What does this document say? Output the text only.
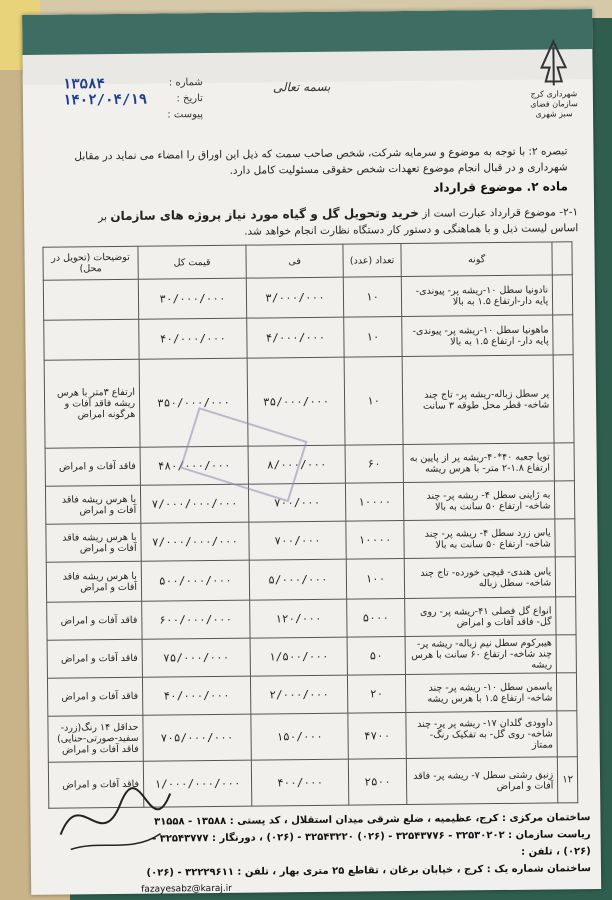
شهرداری کرج
سازمان فضای سبز شهری
بسمه تعالی
شماره :
۱۳۵۸۴
تاریخ :
۱۴۰۲/۰۴/۱۹
پیوست :
تبصره ۲: با توجه به موضوع و سرمایه شرکت، شخص صاحب سمت که ذیل این اوراق را امضاء می نماید در مقابل شهرداری و در قبال انجام موضوع تعهدات شخص حقوقی مسئولیت کامل دارد.
ماده ۲. موضوع قرارداد
۲-۱- موضوع قرارداد عبارت است از خرید وتحویل گل و گیاه مورد نیاز پروژه های سازمان بر اساس لیست ذیل و با هماهنگی و دستور کار دستگاه نظارت انجام خواهد شد.
	گونه	تعداد (عدد)	فی	قیمت کل	توضیحات (تحویل در محل)
	نادونیا سطل ۱۰-ریشه پر- پیوندی- پایه دار-ارتفاع ۱.۵ به بالا	۱۰	۳/۰۰۰/۰۰۰	۳۰/۰۰۰/۰۰۰	
	ماهونیا سطل ۱۰-ریشه پر- پیوندی- پایه دار- ارتفاع ۱.۵ به بالا	۱۰	۴/۰۰۰/۰۰۰	۴۰/۰۰۰/۰۰۰	
	پر سطل زباله-ریشه پر- تاج چند شاخه- قطر محل طوقه ۳ سانت	۱۰	۳۵/۰۰۰/۰۰۰	۳۵۰/۰۰۰/۰۰۰	ارتفاع ۳متر با هرس ریشه فاقد آفات و هرگونه امراض
	تویا جعبه ۴۰*۴۰-ریشه پر از پایین به ارتفاع ۱.۸-۲ متر- با هرس ریشه	۶۰	۸/۰۰۰/۰۰۰	۴۸۰/۰۰۰/۰۰۰	فاقد آفات و امراض
	به ژاپنی سطل ۴- ریشه پر- چند شاخه- ارتفاع ۵۰ سانت به بالا	۱۰۰۰۰	۷۰۰/۰۰۰	۷/۰۰۰/۰۰۰/۰۰۰	با هرس ریشه فاقد آفات و امراض
	یاس زرد سطل ۴- ریشه پر- چند شاخه- ارتفاع ۵۰ سانت به بالا	۱۰۰۰۰	۷۰۰/۰۰۰	۷/۰۰۰/۰۰۰/۰۰۰	با هرس ریشه فاقد آفات و امراض
	یاس هندی- قیچی خورده- تاج چند شاخه- سطل زباله	۱۰۰	۵/۰۰۰/۰۰۰	۵۰۰/۰۰۰/۰۰۰	با هرس ریشه فاقد آفات و امراض
	انواع گل فصلی ۴۱-ریشه پر- روی گل- فاقد آفات و امراض	۵۰۰۰	۱۲۰/۰۰۰	۶۰۰/۰۰۰/۰۰۰	فاقد آفات و امراض
	هیبرکوم سطل نیم زباله- ریشه پر- چند شاخه- ارتفاع ۶۰ سانت با هرس ریشه	۵۰	۱/۵۰۰/۰۰۰	۷۵/۰۰۰/۰۰۰	فاقد آفات و امراض
	یاسمن سطل ۱۰- ریشه پر- چند شاخه- ارتفاع ۱.۵ با هرس ریشه	۲۰	۲/۰۰۰/۰۰۰	۴۰/۰۰۰/۰۰۰	فاقد آفات و امراض
	داوودی گلدان ۱۷- ریشه پر پر- چند شاخه- روی گل- به تفکیک رنگ- ممتاز	۴۷۰۰	۱۵۰/۰۰۰	۷۰۵/۰۰۰/۰۰۰	حداقل ۱۴ رنگ(زرد- سفید-صورتی-حنایی) فاقد آفات و امراض
۱۲	زنبق رشتی سطل ۷- ریشه پر- فاقد آفات و امراض	۲۵۰۰	۴۰۰/۰۰۰	۱/۰۰۰/۰۰۰/۰۰۰	فاقد آفات و امراض
ساختمان مرکزی : کرج، عظیمیه ، ضلع شرقی میدان استقلال ، کد پستی : ۱۳۵۸۸ - ۳۱۵۵۸
ریاست سازمان : ۳۲۵۳۰۲۰۲ - ۳۲۵۴۳۷۷۶ - (۰۲۶) ۳۲۵۴۳۲۲۰ - (۰۲۶) ، دورنگار : ۳۲۵۴۳۷۷۷ - (۰۲۶) ، تلفن :
ساختمان شماره یک : کرج ، خیابان برغان ، تقاطع ۲۵ متری بهار ، تلفن : ۳۲۲۲۹۶۱۱ - (۰۲۶)
fazayesabz@karaj.ir
